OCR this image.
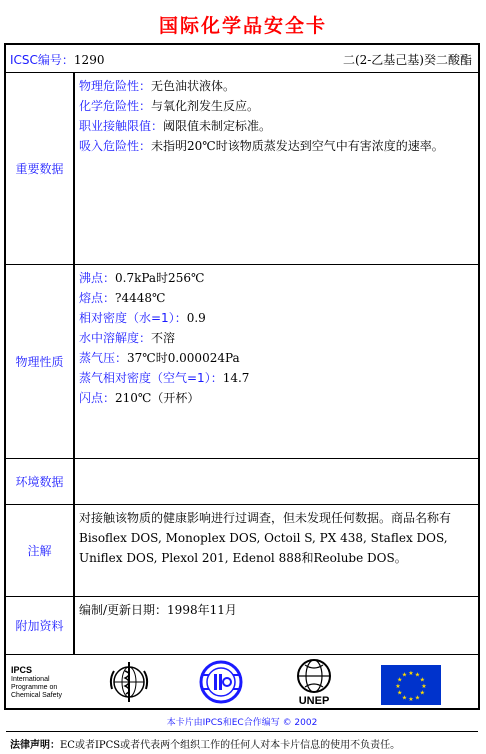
国际化学品安全卡
ICSC编号：1290	二(2-乙基己基)癸二酸酯
重要数据
物理危险性：无色油状液体。
化学危险性：与氧化剂发生反应。
职业接触限值：阈限值未制定标准。
吸入危险性：未指明20℃时该物质蒸发达到空气中有害浓度的速率。
物理性质
沸点：0.7kPa时256℃
熔点：?4448℃
相对密度（水=1）：0.9
水中溶解度：不溶
蒸气压：37℃时0.000024Pa
蒸气相对密度（空气=1）：14.7
闪点：210℃（开杯）
环境数据
注解
对接触该物质的健康影响进行过调查，但未发现任何数据。商品名称有
Bisoflex DOS, Monoplex DOS, Octoil S, PX 438, Staflex DOS,
Uniflex DOS, Plexol 201, Edenol 888和Reolube DOS。
附加资料
编制/更新日期：1998年11月
IPCS
International
Programme on
Chemical Safety	UNEP
★ ★
★
★
★
★
★
★
★
★
★
★
本卡片由IPCS和EC合作编写 © 2002
法律声明：EC或者IPCS或者代表两个组织工作的任何人对本卡片信息的使用不负责任。
